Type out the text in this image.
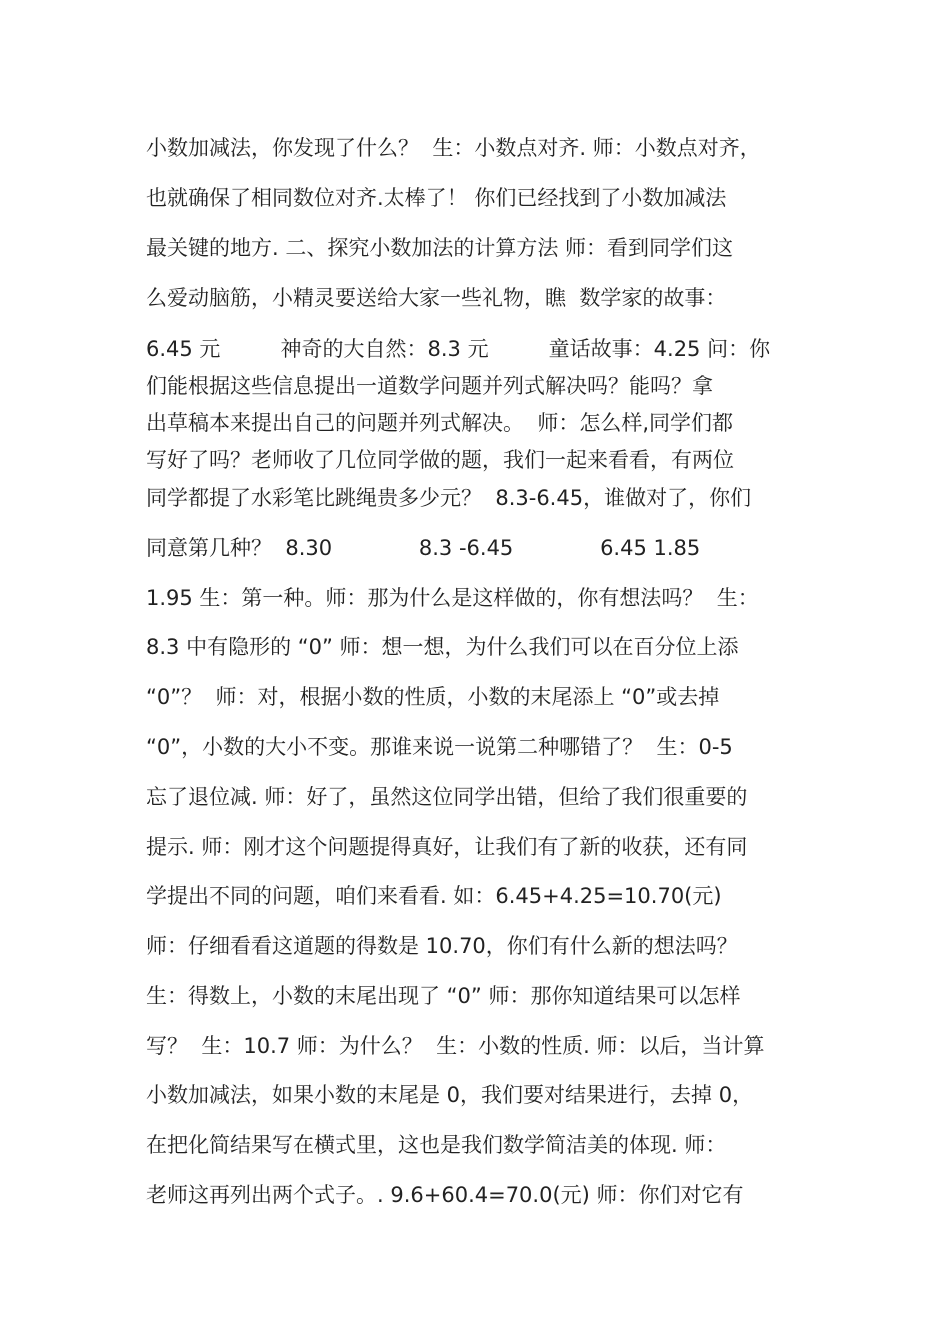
小数加减法，你发现了什么？  生：小数点对齐. 师：小数点对齐，
也就确保了相同数位对齐.太棒了！ 你们已经找到了小数加减法
最关键的地方. 二、探究小数加法的计算方法 师：看到同学们这
么爱动脑筋，小精灵要送给大家一些礼物，瞧  数学家的故事：
6.45 元         神奇的大自然：8.3 元         童话故事：4.25 问：你
们能根据这些信息提出一道数学问题并列式解决吗？能吗？拿
出草稿本来提出自己的问题并列式解决。  师：怎么样,同学们都
写好了吗？老师收了几位同学做的题，我们一起来看看，有两位
同学都提了水彩笔比跳绳贵多少元？  8.3-6.45，谁做对了，你们
同意第几种？  8.30             8.3 -6.45             6.45 1.85
1.95 生：第一种。师：那为什么是这样做的，你有想法吗？  生：
8.3 中有隐形的 “0” 师：想一想，为什么我们可以在百分位上添
“0”？  师：对，根据小数的性质，小数的末尾添上 “0”或去掉
“0”，小数的大小不变。那谁来说一说第二种哪错了？  生：0-5
忘了退位减. 师：好了，虽然这位同学出错，但给了我们很重要的
提示. 师：刚才这个问题提得真好，让我们有了新的收获，还有同
学提出不同的问题，咱们来看看. 如：6.45+4.25=10.70(元)
师：仔细看看这道题的得数是 10.70，你们有什么新的想法吗？
生：得数上，小数的末尾出现了 “0” 师：那你知道结果可以怎样
写？  生：10.7 师：为什么？  生：小数的性质. 师：以后，当计算
小数加减法，如果小数的末尾是 0，我们要对结果进行，去掉 0，
在把化简结果写在横式里，这也是我们数学简洁美的体现. 师：
老师这再列出两个式子。. 9.6+60.4=70.0(元) 师：你们对它有
